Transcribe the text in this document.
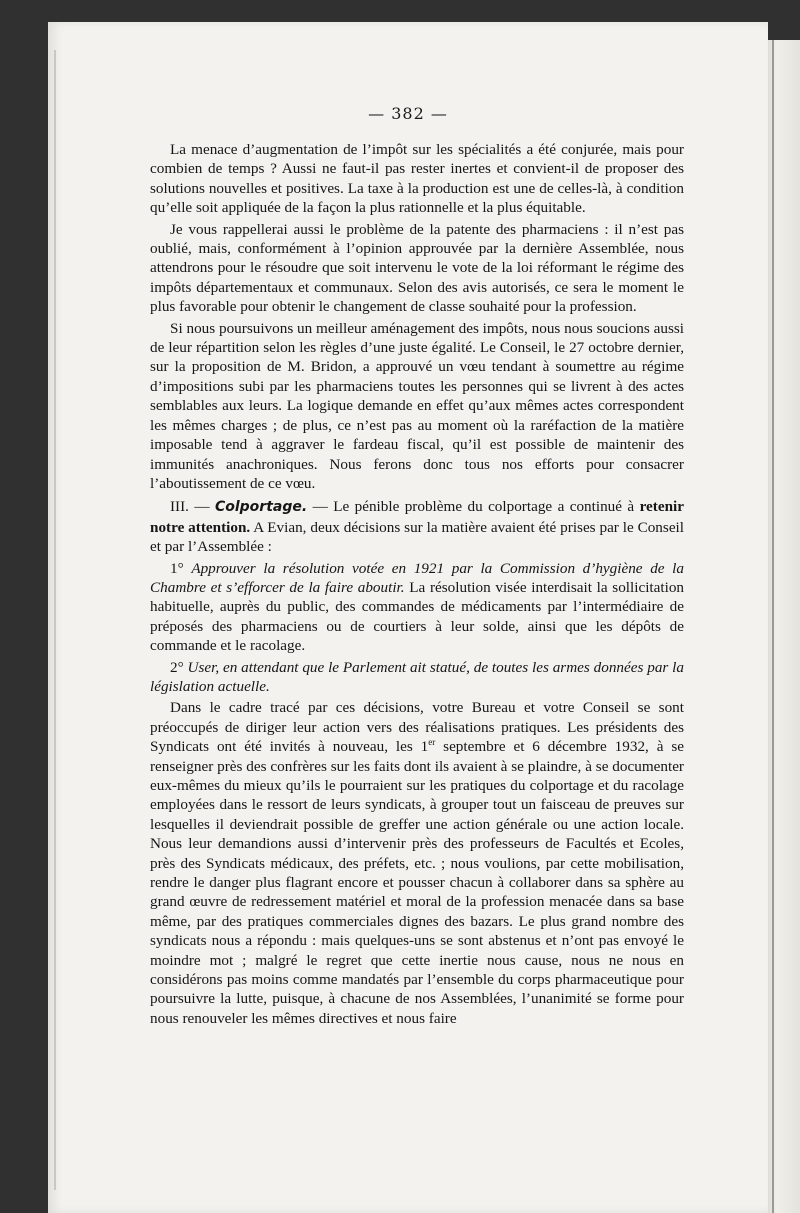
— 382 —

La menace d’augmentation de l’impôt sur les spécialités a été conjurée, mais pour combien de temps ? Aussi ne faut-il pas rester inertes et convient-il de proposer des solutions nouvelles et positives. La taxe à la production est une de celles-là, à condition qu’elle soit appliquée de la façon la plus rationnelle et la plus équitable.

Je vous rappellerai aussi le problème de la patente des pharmaciens : il n’est pas oublié, mais, conformément à l’opinion approuvée par la dernière Assemblée, nous attendrons pour le résoudre que soit intervenu le vote de la loi réformant le régime des impôts départementaux et communaux. Selon des avis autorisés, ce sera le moment le plus favorable pour obtenir le changement de classe souhaité pour la profession.

Si nous poursuivons un meilleur aménagement des impôts, nous nous soucions aussi de leur répartition selon les règles d’une juste égalité. Le Conseil, le 27 octobre dernier, sur la proposition de M. Bridon, a approuvé un vœu tendant à soumettre au régime d’impositions subi par les pharmaciens toutes les personnes qui se livrent à des actes semblables aux leurs. La logique demande en effet qu’aux mêmes actes correspondent les mêmes charges ; de plus, ce n’est pas au moment où la raréfaction de la matière imposable tend à aggraver le fardeau fiscal, qu’il est possible de maintenir des immunités anachroniques. Nous ferons donc tous nos efforts pour consacrer l’aboutissement de ce vœu.

III. — Colportage. — Le pénible problème du colportage a continué à retenir notre attention. A Evian, deux décisions sur la matière avaient été prises par le Conseil et par l’Assemblée :

1° Approuver la résolution votée en 1921 par la Commission d’hygiène de la Chambre et s’efforcer de la faire aboutir. La résolution visée interdisait la sollicitation habituelle, auprès du public, des commandes de médicaments par l’intermédiaire de préposés des pharmaciens ou de courtiers à leur solde, ainsi que les dépôts de commande et le racolage.

2° User, en attendant que le Parlement ait statué, de toutes les armes données par la législation actuelle.

Dans le cadre tracé par ces décisions, votre Bureau et votre Conseil se sont préoccupés de diriger leur action vers des réalisations pratiques. Les présidents des Syndicats ont été invités à nouveau, les 1er septembre et 6 décembre 1932, à se renseigner près des confrères sur les faits dont ils avaient à se plaindre, à se documenter eux-mêmes du mieux qu’ils le pourraient sur les pratiques du colportage et du racolage employées dans le ressort de leurs syndicats, à grouper tout un faisceau de preuves sur lesquelles il deviendrait possible de greffer une action générale ou une action locale. Nous leur demandions aussi d’intervenir près des professeurs de Facultés et Ecoles, près des Syndicats médicaux, des préfets, etc. ; nous voulions, par cette mobilisation, rendre le danger plus flagrant encore et pousser chacun à collaborer dans sa sphère au grand œuvre de redressement matériel et moral de la profession menacée dans sa base même, par des pratiques commerciales dignes des bazars. Le plus grand nombre des syndicats nous a répondu : mais quelques-uns se sont abstenus et n’ont pas envoyé le moindre mot ; malgré le regret que cette inertie nous cause, nous ne nous en considérons pas moins comme mandatés par l’ensemble du corps pharmaceutique pour poursuivre la lutte, puisque, à chacune de nos Assemblées, l’unanimité se forme pour nous renouveler les mêmes directives et nous faire
